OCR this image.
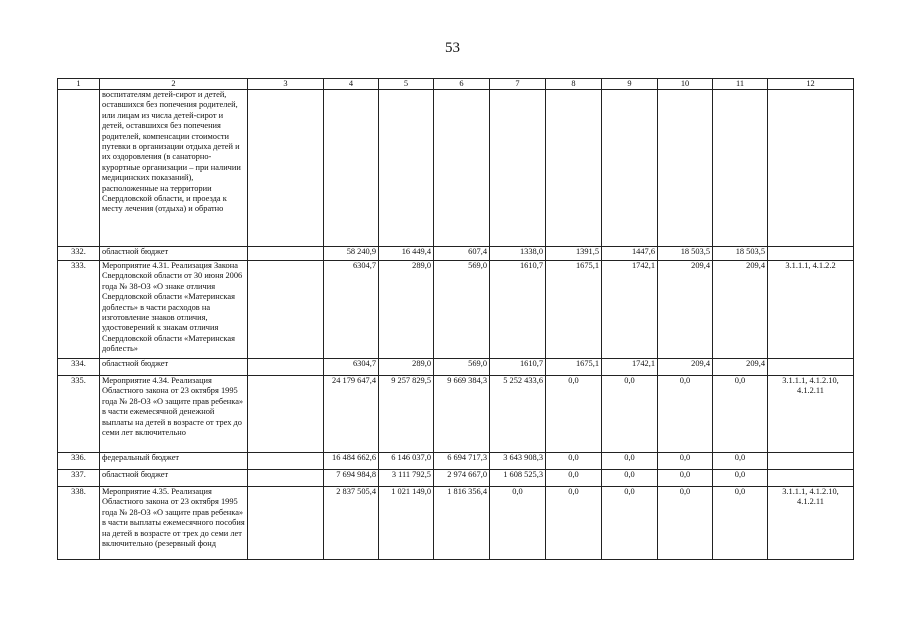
53
1	2	3	4	5	6	7	8	9	10	11	12
	воспитателям детей-сирот и детей, оставшихся без попечения родителей, или лицам из числа детей-сирот и детей, оставшихся без попечения родителей, компенсации стоимости путевки в организации отдыха детей и их оздоровления (в санаторно-курортные организации – при наличии медицинских показаний), расположенные на территории Свердловской области, и проезда к месту лечения (отдыха) и обратно										
332.	областной бюджет		58 240,9	16 449,4	607,4	1338,0	1391,5	1447,6	18 503,5	18 503,5	
333.	Мероприятие 4.31. Реализация Закона Свердловской области от 30 июня 2006 года № 38-ОЗ «О знаке отличия Свердловской области «Материнская доблесть» в части расходов на изготовление знаков отличия, удостоверений к знакам отличия Свердловской области «Материнская доблесть»		6304,7	289,0	569,0	1610,7	1675,1	1742,1	209,4	209,4	3.1.1.1, 4.1.2.2
334.	областной бюджет		6304,7	289,0	569,0	1610,7	1675,1	1742,1	209,4	209,4	
335.	Мероприятие 4.34. Реализация Областного закона от 23 октября 1995 года № 28-ОЗ «О защите прав ребенка» в части ежемесячной денежной выплаты на детей в возрасте от трех до семи лет включительно		24 179 647,4	9 257 829,5	9 669 384,3	5 252 433,6	0,0	0,0	0,0	0,0	3.1.1.1, 4.1.2.10, 4.1.2.11
336.	федеральный бюджет		16 484 662,6	6 146 037,0	6 694 717,3	3 643 908,3	0,0	0,0	0,0	0,0	
337.	областной бюджет		7 694 984,8	3 111 792,5	2 974 667,0	1 608 525,3	0,0	0,0	0,0	0,0	
338.	Мероприятие 4.35. Реализация Областного закона от 23 октября 1995 года № 28-ОЗ «О защите прав ребенка» в части выплаты ежемесячного пособия на детей в возрасте от трех до семи лет включительно (резервный фонд		2 837 505,4	1 021 149,0	1 816 356,4	0,0	0,0	0,0	0,0	0,0	3.1.1.1, 4.1.2.10, 4.1.2.11
